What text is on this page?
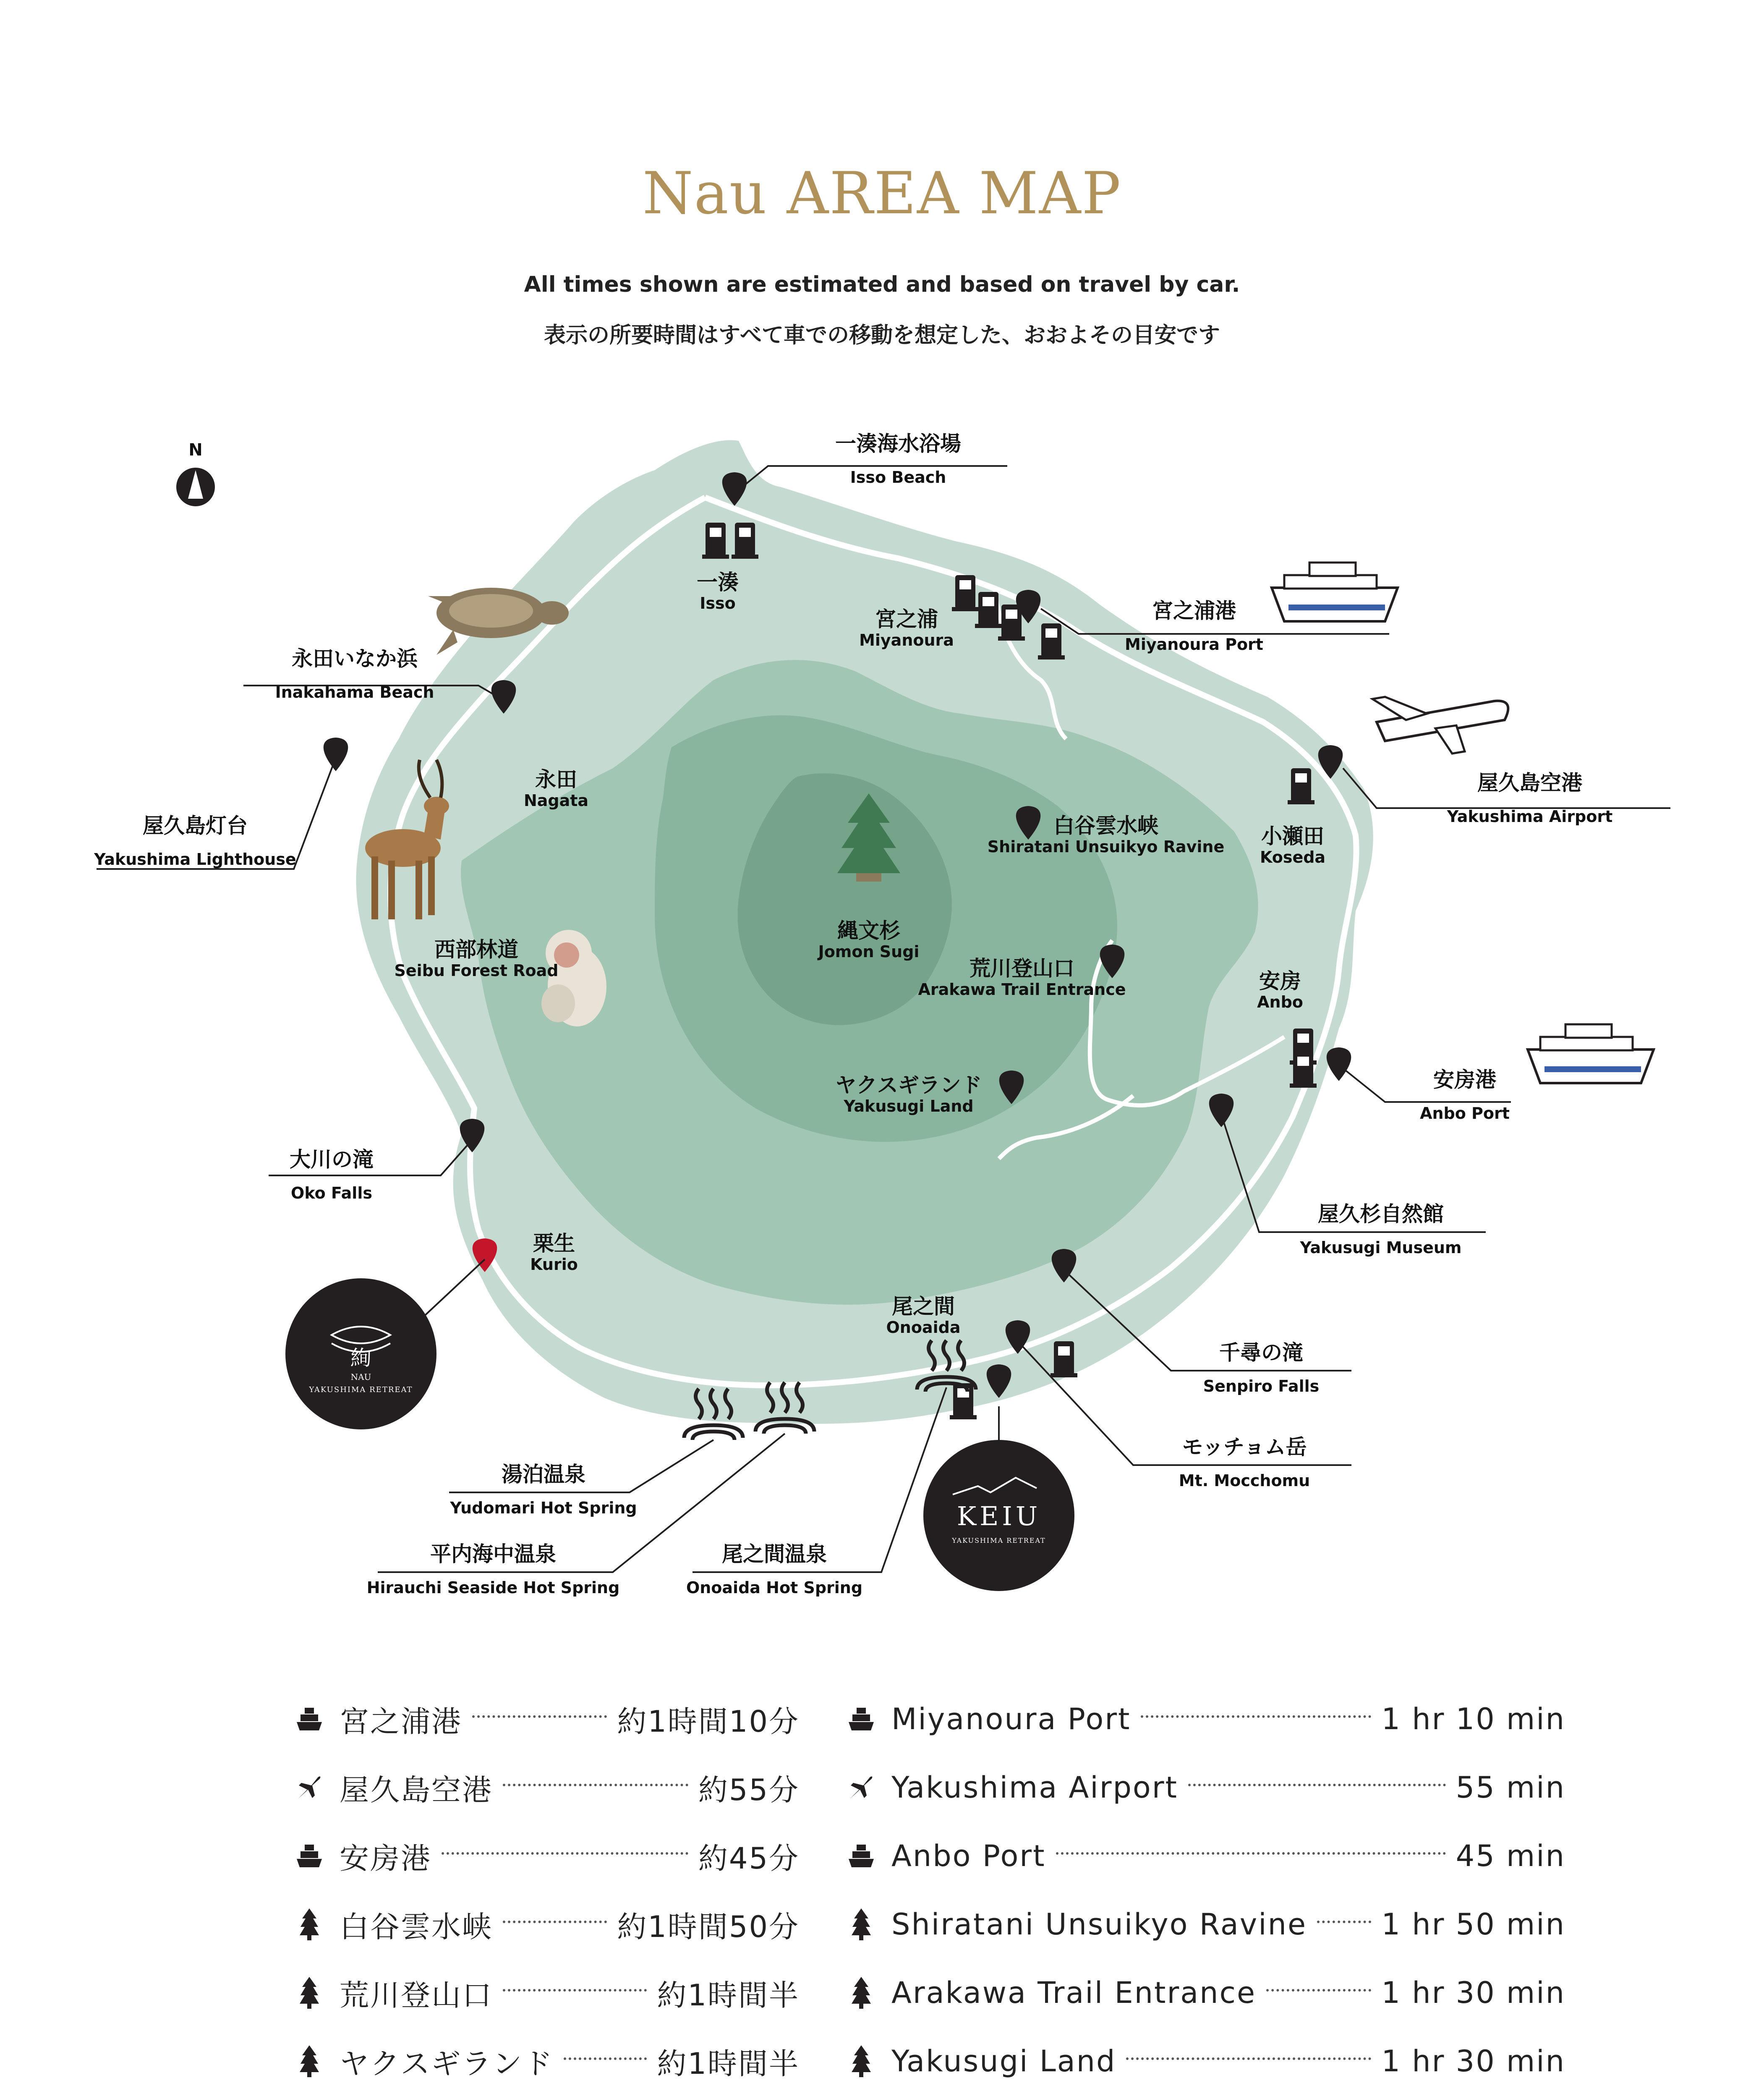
Nau AREA MAP
All times shown are estimated and based on travel by car.
表示の所要時間はすべて車での移動を想定した、おおよその目安です
絢
NAU
YAKUSHIMA RETREAT
KEIU
YAKUSHIMA RETREAT
N	一湊海水浴場
Isso Beach
一湊
Isso
宮之浦
Miyanoura
宮之浦港
Miyanoura Port
永田いなか浜
Inakahama Beach
永田
Nagata
屋久島灯台
Yakushima Lighthouse
屋久島空港
Yakushima Airport
小瀬田
Koseda
白谷雲水峡
Shiratani Unsuikyo Ravine
縄文杉
Jomon Sugi
西部林道
Seibu Forest Road	荒川登山口
Arakawa Trail Entrance	安房
Anbo
安房港
Anbo Port
ヤクスギランド
Yakusugi Land
大川の滝
Oko Falls
屋久杉自然館
Yakusugi Museum
栗生
Kurio
尾之間
Onoaida
千尋の滝
Senpiro Falls
モッチョム岳
Mt. Mocchomu
湯泊温泉
Yudomari Hot Spring
平内海中温泉
Hirauchi Seaside Hot Spring
尾之間温泉
Onoaida Hot Spring
宮之浦港	約1時間10分
屋久島空港	約55分
安房港	約45分
白谷雲水峡	約1時間50分
荒川登山口	約1時間半
ヤクスギランド	約1時間半
Miyanoura Port	1 hr 10 min
Yakushima Airport	55 min
Anbo Port	45 min
Shiratani Unsuikyo Ravine	1 hr 50 min
Arakawa Trail Entrance	1 hr 30 min
Yakusugi Land	1 hr 30 min
